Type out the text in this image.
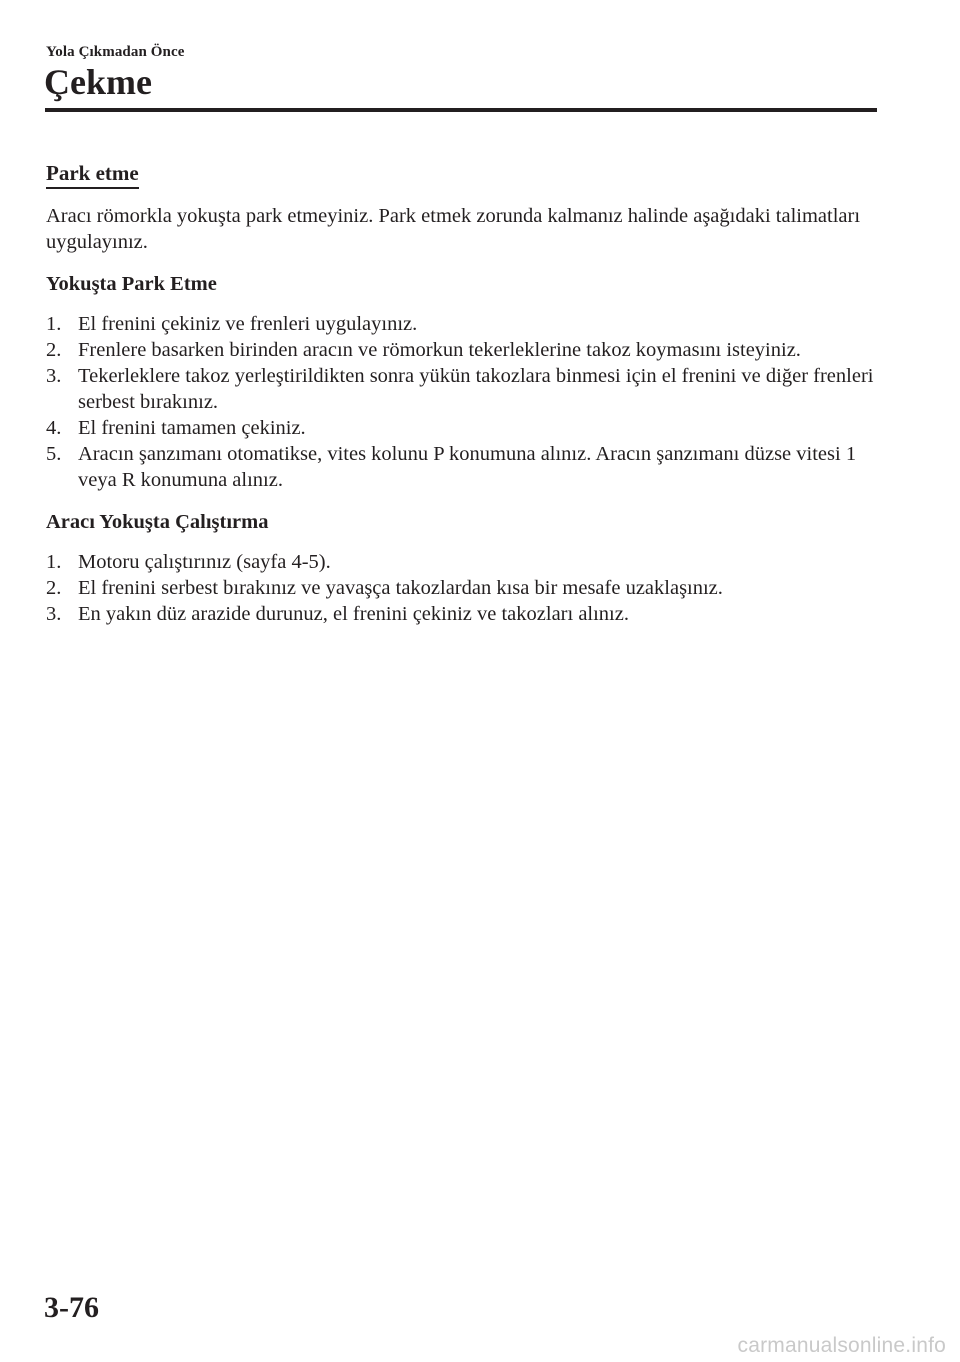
Yola Çıkmadan Önce
Çekme
Park etme

Aracı römorkla yokuşta park etmeyiniz. Park etmek zorunda kalmanız halinde aşağıdaki talimatları uygulayınız.

Yokuşta Park Etme

1. El frenini çekiniz ve frenleri uygulayınız.
2. Frenlere basarken birinden aracın ve römorkun tekerleklerine takoz koymasını isteyiniz.
3. Tekerleklere takoz yerleştirildikten sonra yükün takozlara binmesi için el frenini ve diğer frenleri serbest bırakınız.
4. El frenini tamamen çekiniz.
5. Aracın şanzımanı otomatikse, vites kolunu P konumuna alınız. Aracın şanzımanı düzse vitesi 1 veya R konumuna alınız.

Aracı Yokuşta Çalıştırma

1. Motoru çalıştırınız (sayfa 4-5).
2. El frenini serbest bırakınız ve yavaşça takozlardan kısa bir mesafe uzaklaşınız.
3. En yakın düz arazide durunuz, el frenini çekiniz ve takozları alınız.
3-76
carmanualsonline.info
